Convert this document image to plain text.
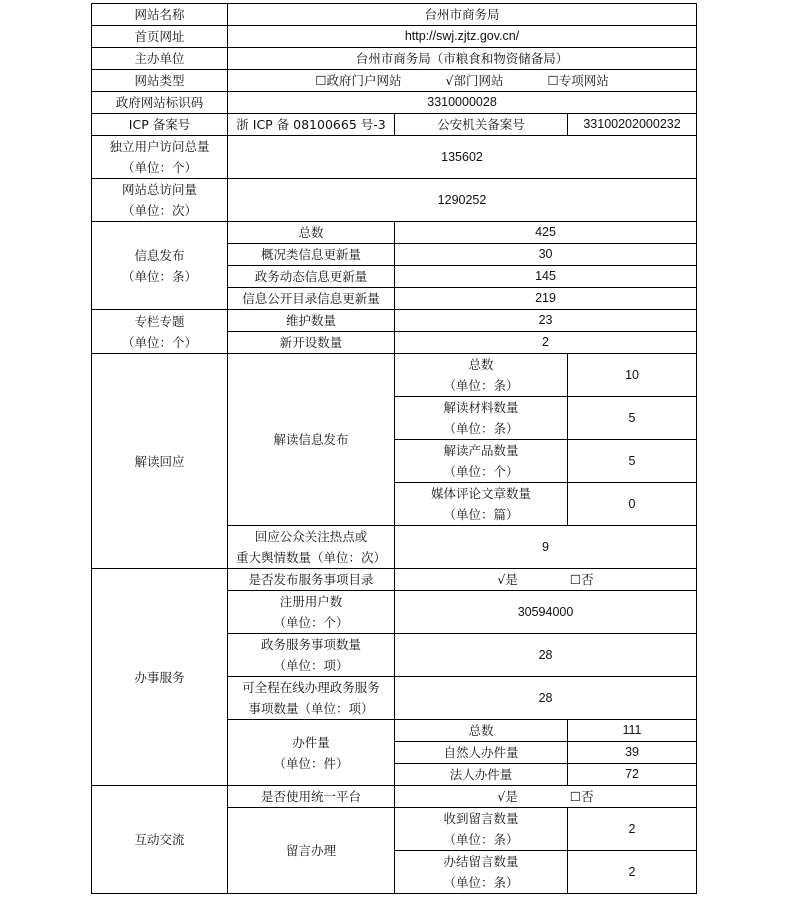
网站名称	台州市商务局		
首页网址	http://swj.zjtz.gov.cn/		
主办单位	台州市商务局（市粮食和物资储备局）		
网站类型	☐政府门户网站 √部门网站 ☐专项网站		
政府网站标识码	3310000028		
ICP 备案号	浙 ICP 备 08100665 号-3	公安机关备案号	33100202000232

独立用户访问总量
（单位：个）	135602		

网站总访问量
（单位：次）	1290252		

信息发布
（单位：条）	总数	425	
	概况类信息更新量	30	
	政务动态信息更新量	145	
	信息公开目录信息更新量	219	

专栏专题
（单位：个）	维护数量	23	
	新开设数量	2	
解读回应	解读信息发布	总数
（单位：条）	10

		解读材料数量
（单位：条）	5

		解读产品数量
（单位：个）	5

		媒体评论文章数量
（单位：篇）	0

	回应公众关注热点或
重大舆情数量（单位：次）	9	
办事服务	是否发布服务事项目录	√是 ☐否	

	注册用户数
（单位：个）	30594000	

	政务服务事项数量
（单位：项）	28	

	可全程在线办理政务服务
事项数量（单位：项）	28	

	办件量
（单位：件）	总数	111
		自然人办件量	39
		法人办件量	72
互动交流	是否使用统一平台	√是 ☐否	
	留言办理	收到留言数量
（单位：条）	2

		办结留言数量
（单位：条）	2
